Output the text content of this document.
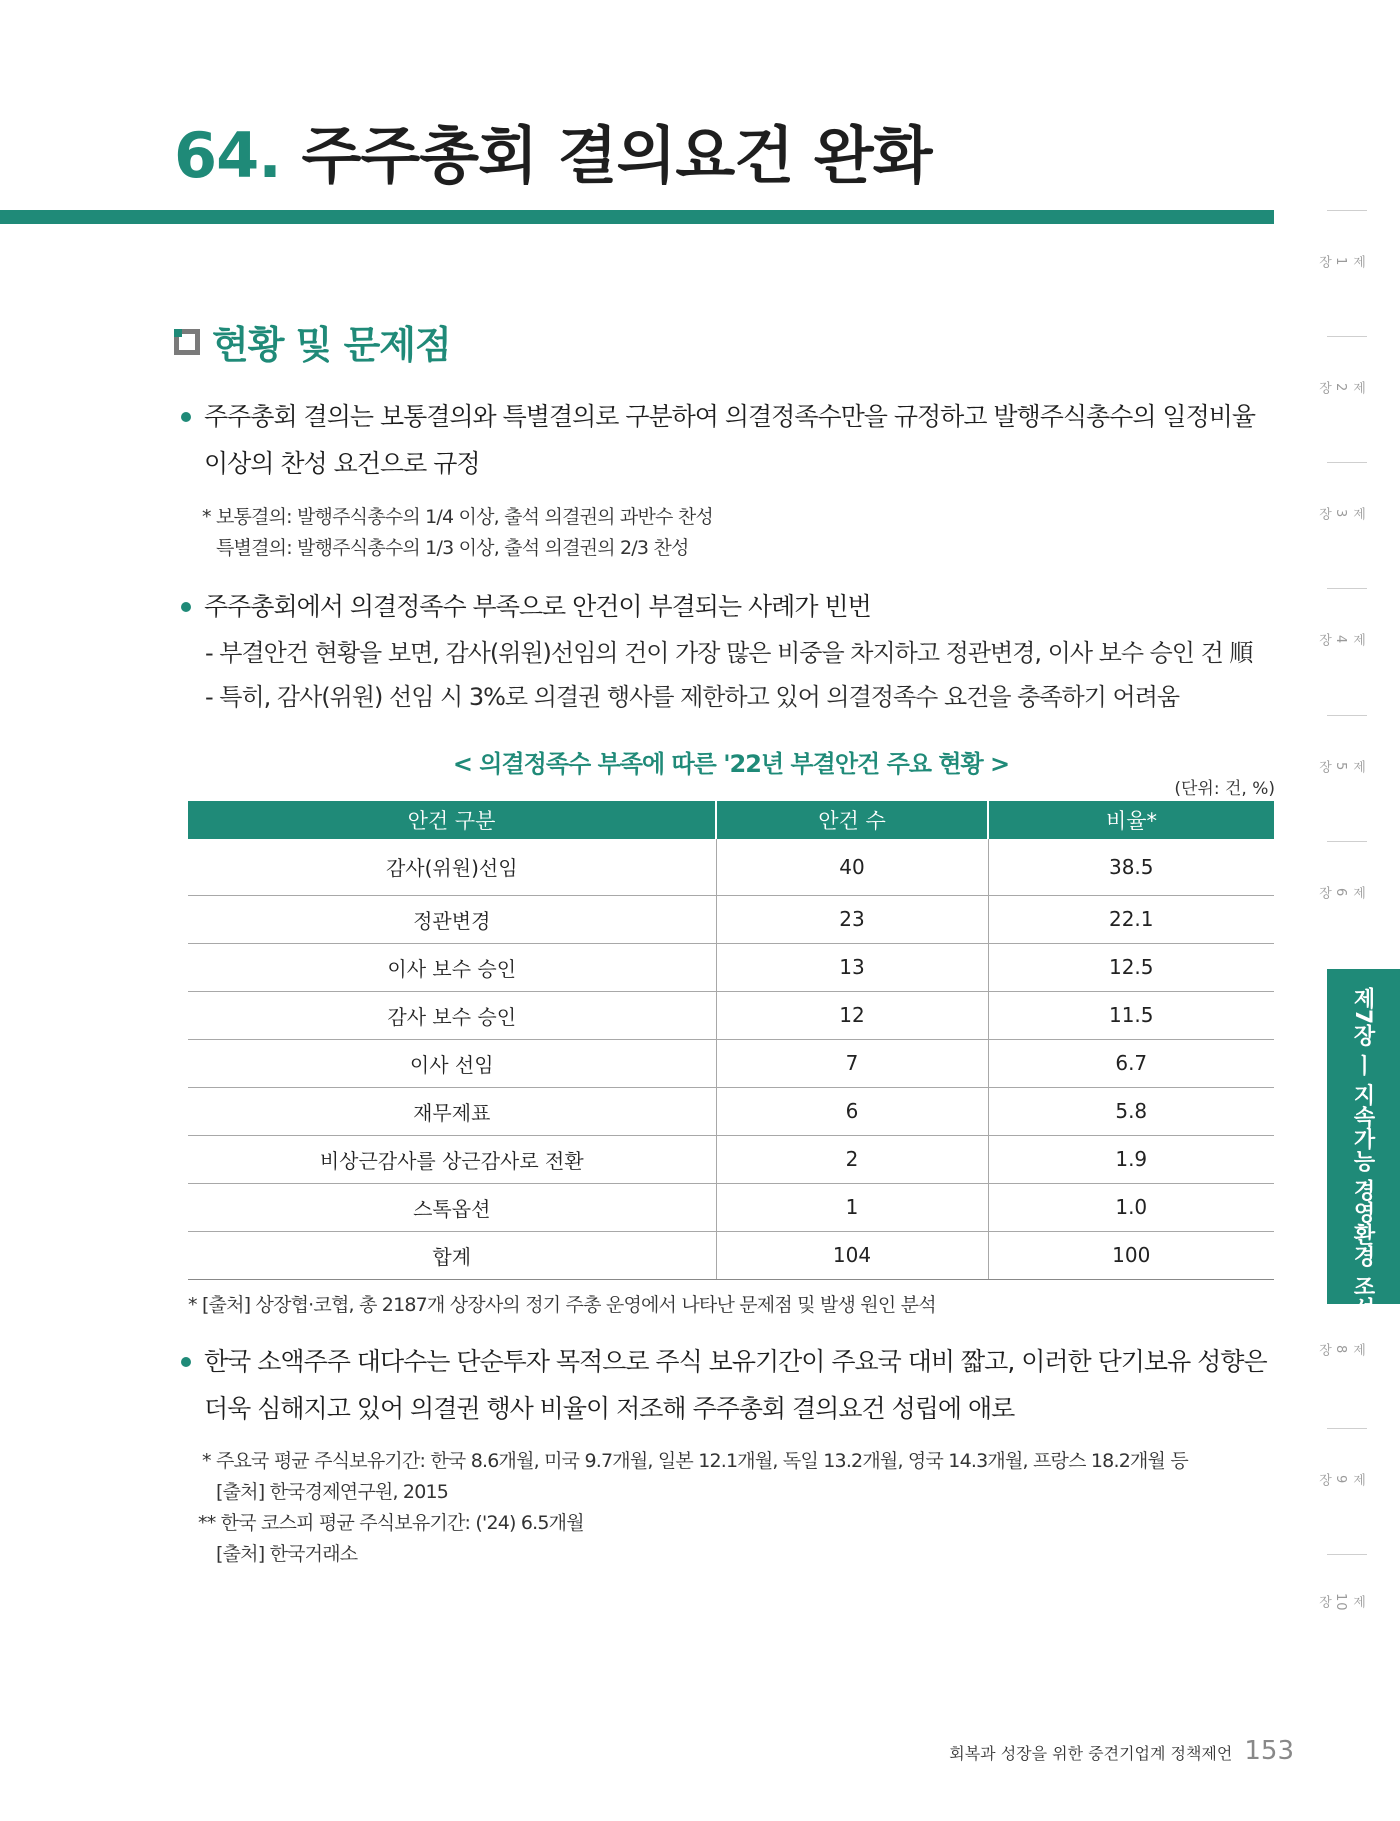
64. 주주총회 결의요건 완화
현황 및 문제점
주주총회 결의는 보통결의와 특별결의로 구분하여 의결정족수만을 규정하고 발행주식총수의 일정비율
이상의 찬성 요건으로 규정
* 보통결의: 발행주식총수의 1/4 이상, 출석 의결권의 과반수 찬성
특별결의: 발행주식총수의 1/3 이상, 출석 의결권의 2/3 찬성
주주총회에서 의결정족수 부족으로 안건이 부결되는 사례가 빈번
- 부결안건 현황을 보면, 감사(위원)선임의 건이 가장 많은 비중을 차지하고 정관변경, 이사 보수 승인 건 順
- 특히, 감사(위원) 선임 시 3%로 의결권 행사를 제한하고 있어 의결정족수 요건을 충족하기 어려움
< 의결정족수 부족에 따른 '22년 부결안건 주요 현황 >
(단위: 건, %)
안건 구분	안건 수	비율*
감사(위원)선임	40	38.5
정관변경	23	22.1
이사 보수 승인	13	12.5
감사 보수 승인	12	11.5
이사 선임	7	6.7
재무제표	6	5.8
비상근감사를 상근감사로 전환	2	1.9
스톡옵션	1	1.0
합계	104	100
* [출처] 상장협·코협, 총 2187개 상장사의 정기 주총 운영에서 나타난 문제점 및 발생 원인 분석
한국 소액주주 대다수는 단순투자 목적으로 주식 보유기간이 주요국 대비 짧고, 이러한 단기보유 성향은
더욱 심해지고 있어 의결권 행사 비율이 저조해 주주총회 결의요건 성립에 애로
* 주요국 평균 주식보유기간: 한국 8.6개월, 미국 9.7개월, 일본 12.1개월, 독일 13.2개월, 영국 14.3개월, 프랑스 18.2개월 등
[출처] 한국경제연구원, 2015
** 한국 코스피 평균 주식보유기간: ('24) 6.5개월
[출처] 한국거래소
제1장
제2장
제3장
제4장
제5장
제6장
제8장
제9장
제10장
제7장 ㅣ 지속가능 경영환경 조성
회복과 성장을 위한 중견기업계 정책제언 153
